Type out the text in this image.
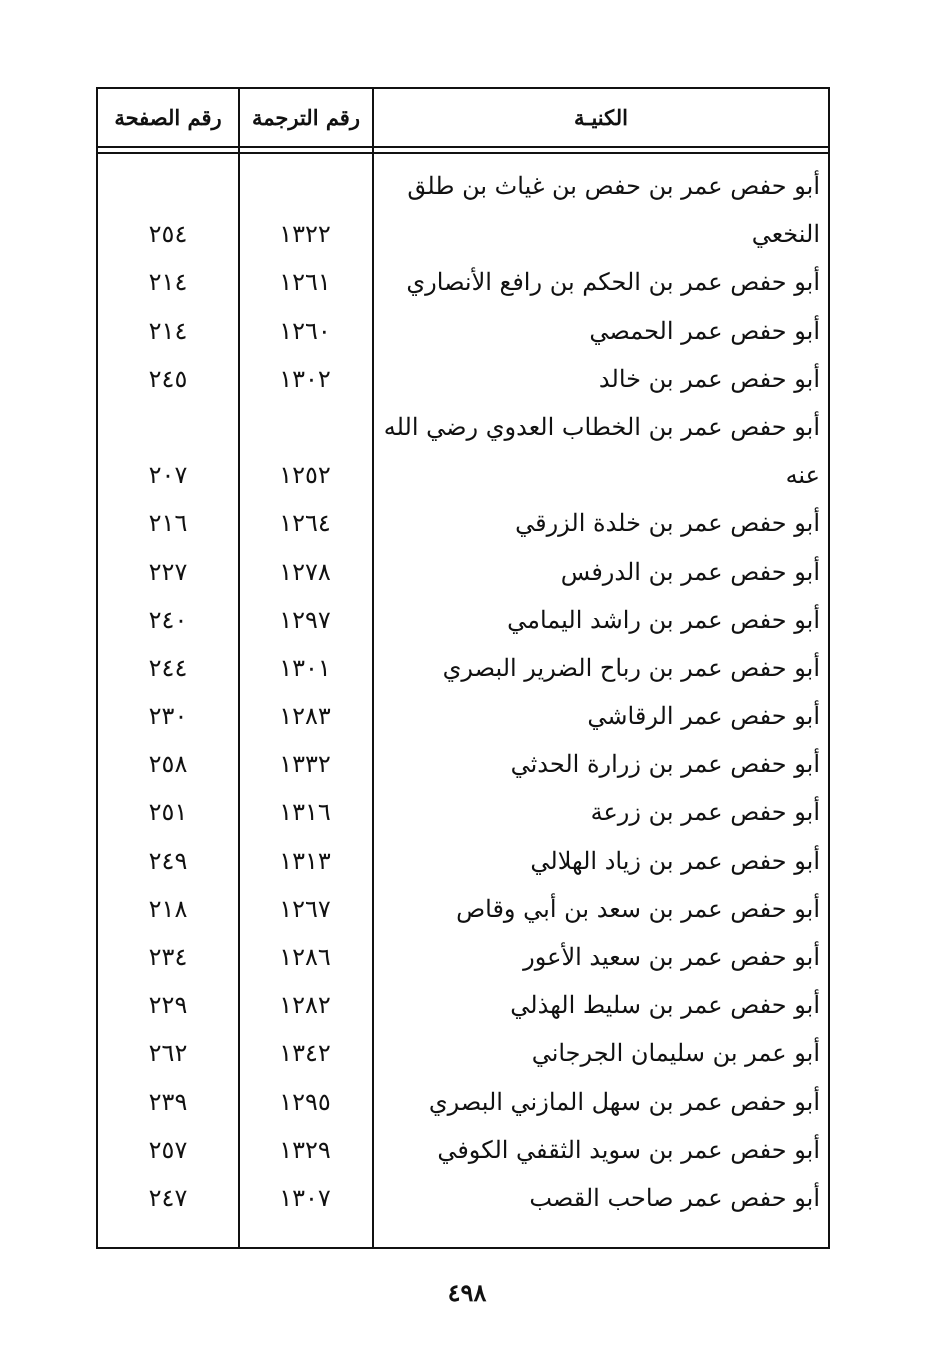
الكنيـة
رقم الترجمة
رقم الصفحة
أبو حفص عمر بن حفص بن غياث بن طلق
النخعي
١٣٢٢
٢٥٤
أبو حفص عمر بن الحكم بن رافع الأنصاري
١٢٦١
٢١٤
أبو حفص عمر الحمصي
١٢٦٠
٢١٤
أبو حفص عمر بن خالد
١٣٠٢
٢٤٥
أبو حفص عمر بن الخطاب العدوي رضي الله
عنه
١٢٥٢
٢٠٧
أبو حفص عمر بن خلدة الزرقي
١٢٦٤
٢١٦
أبو حفص عمر بن الدرفس
١٢٧٨
٢٢٧
أبو حفص عمر بن راشد اليمامي
١٢٩٧
٢٤٠
أبو حفص عمر بن رباح الضرير البصري
١٣٠١
٢٤٤
أبو حفص عمر الرقاشي
١٢٨٣
٢٣٠
أبو حفص عمر بن زرارة الحدثي
١٣٣٢
٢٥٨
أبو حفص عمر بن زرعة
١٣١٦
٢٥١
أبو حفص عمر بن زياد الهلالي
١٣١٣
٢٤٩
أبو حفص عمر بن سعد بن أبي وقاص
١٢٦٧
٢١٨
أبو حفص عمر بن سعيد الأعور
١٢٨٦
٢٣٤
أبو حفص عمر بن سليط الهذلي
١٢٨٢
٢٢٩
أبو عمر بن سليمان الجرجاني
١٣٤٢
٢٦٢
أبو حفص عمر بن سهل المازني البصري
١٢٩٥
٢٣٩
أبو حفص عمر بن سويد الثقفي الكوفي
١٣٢٩
٢٥٧
أبو حفص عمر صاحب القصب
١٣٠٧
٢٤٧
٤٩٨
